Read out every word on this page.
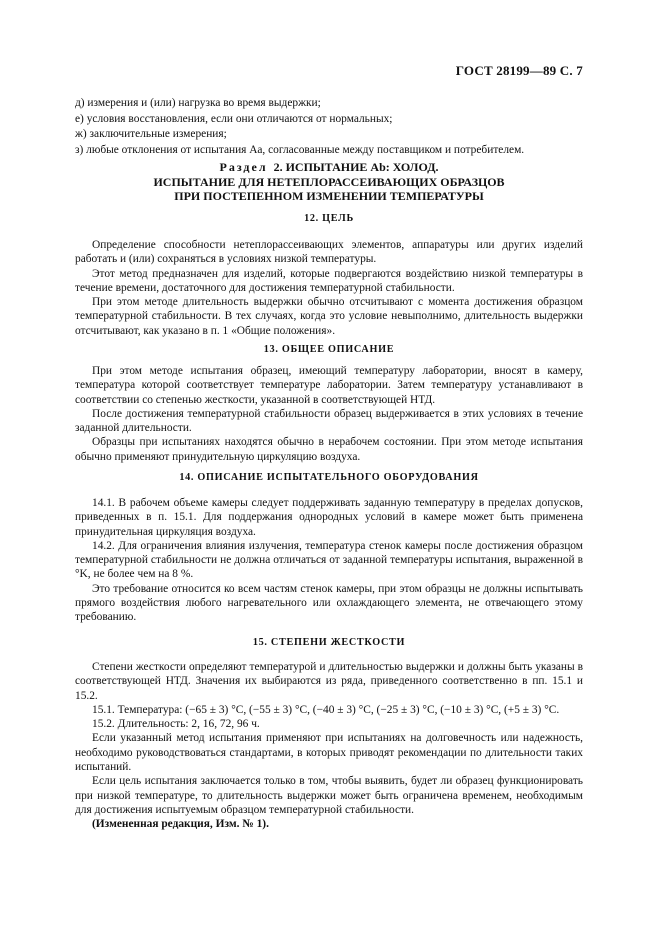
ГОСТ 28199—89 С. 7
д) измерения и (или) нагрузка во время выдержки;
е) условия восстановления, если они отличаются от нормальных;
ж) заключительные измерения;
з) любые отклонения от испытания Аа, согласованные между поставщиком и потребителем.
Раздел 2. ИСПЫТАНИЕ Ab: ХОЛОД.
ИСПЫТАНИЕ ДЛЯ НЕТЕПЛОРАССЕИВАЮЩИХ ОБРАЗЦОВ
ПРИ ПОСТЕПЕННОМ ИЗМЕНЕНИИ ТЕМПЕРАТУРЫ
12. ЦЕЛЬ

Определение способности нетеплорассеивающих элементов, аппаратуры или других изделий работать и (или) сохраняться в условиях низкой температуры.

Этот метод предназначен для изделий, которые подвергаются воздействию низкой температуры в течение времени, достаточного для достижения температурной стабильности.

При этом методе длительность выдержки обычно отсчитывают с момента достижения образцом температурной стабильности. В тех случаях, когда это условие невыполнимо, длительность выдержки отсчитывают, как указано в п. 1 «Общие положения».

13. ОБЩЕЕ ОПИСАНИЕ

При этом методе испытания образец, имеющий температуру лаборатории, вносят в камеру, температура которой соответствует температуре лаборатории. Затем температуру устанавливают в соответствии со степенью жесткости, указанной в соответствующей НТД.

После достижения температурной стабильности образец выдерживается в этих условиях в течение заданной длительности.

Образцы при испытаниях находятся обычно в нерабочем состоянии. При этом методе испытания обычно применяют принудительную циркуляцию воздуха.

14. ОПИСАНИЕ ИСПЫТАТЕЛЬНОГО ОБОРУДОВАНИЯ

14.1. В рабочем объеме камеры следует поддерживать заданную температуру в пределах допусков, приведенных в п. 15.1. Для поддержания однородных условий в камере может быть применена принудительная циркуляция воздуха.

14.2. Для ограничения влияния излучения, температура стенок камеры после достижения образцом температурной стабильности не должна отличаться от заданной температуры испытания, выраженной в °K, не более чем на 8 %.

Это требование относится ко всем частям стенок камеры, при этом образцы не должны испытывать прямого воздействия любого нагревательного или охлаждающего элемента, не отвечающего этому требованию.

15. СТЕПЕНИ ЖЕСТКОСТИ

Степени жесткости определяют температурой и длительностью выдержки и должны быть указаны в соответствующей НТД. Значения их выбираются из ряда, приведенного соответственно в пп. 15.1 и 15.2.

15.1. Температура: (−65 ± 3) °C, (−55 ± 3) °C, (−40 ± 3) °C, (−25 ± 3) °C, (−10 ± 3) °C, (+5 ± 3) °C.

15.2. Длительность: 2, 16, 72, 96 ч.

Если указанный метод испытания применяют при испытаниях на долговечность или надежность, необходимо руководствоваться стандартами, в которых приводят рекомендации по длительности таких испытаний.

Если цель испытания заключается только в том, чтобы выявить, будет ли образец функционировать при низкой температуре, то длительность выдержки может быть ограничена временем, необходимым для достижения испытуемым образцом температурной стабильности.

(Измененная редакция, Изм. № 1).
